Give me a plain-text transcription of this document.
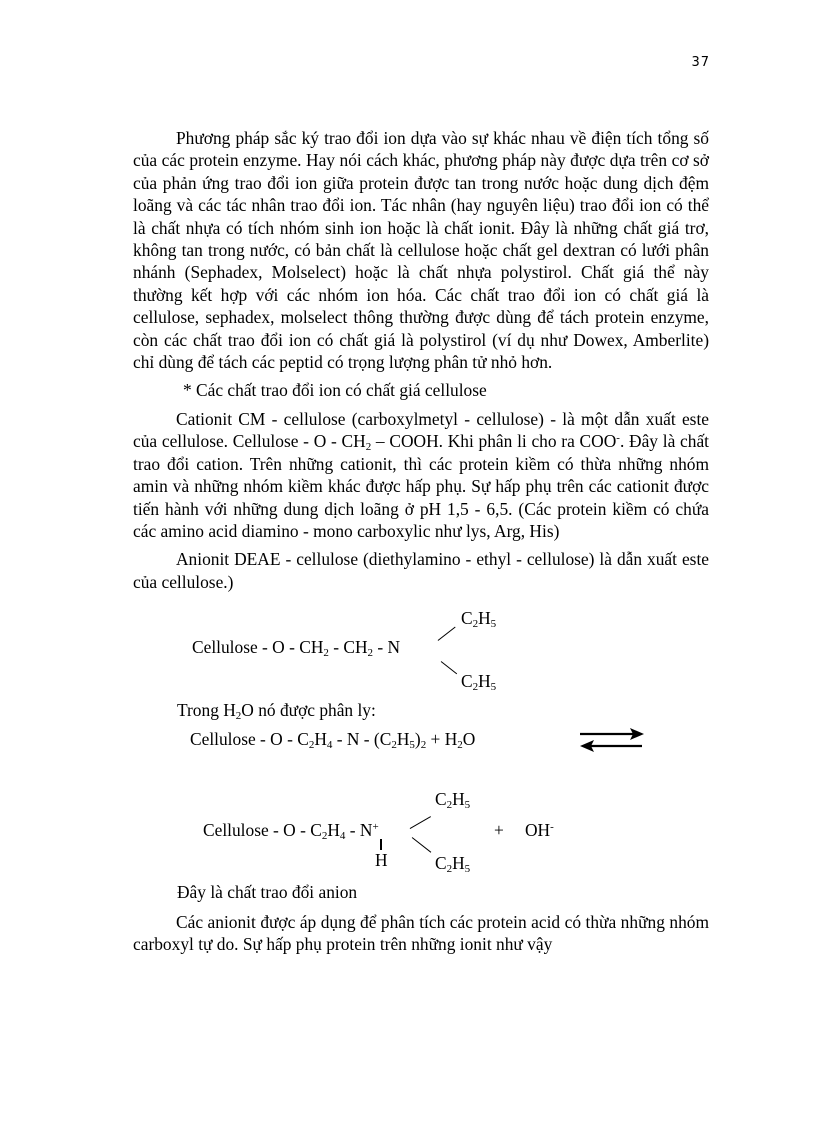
37

Phương pháp sắc ký trao đổi ion dựa vào sự khác nhau về điện tích tổng số của các protein enzyme. Hay nói cách khác, phương pháp này được dựa trên cơ sở của phản ứng trao đổi ion giữa protein được tan trong nước hoặc dung dịch đệm loãng và các tác nhân trao đổi ion. Tác nhân (hay nguyên liệu) trao đổi ion có thể là chất nhựa có tích nhóm sinh ion hoặc là chất ionit. Đây là những chất giá trơ, không tan trong nước, có bản chất là cellulose hoặc chất gel dextran có lưới phân nhánh (Sephadex, Molselect) hoặc là chất nhựa polystirol. Chất giá thể này thường kết hợp với các nhóm ion hóa. Các chất trao đổi ion có chất giá là cellulose, sephadex, molselect thông thường được dùng để tách protein enzyme, còn các chất trao đổi ion có chất giá là polystirol (ví dụ như Dowex, Amberlite) chỉ dùng để tách các peptid có trọng lượng phân tử nhỏ hơn.

* Các chất trao đổi ion có chất giá cellulose

Cationit CM - cellulose (carboxylmetyl - cellulose) - là một dẫn xuất este của cellulose. Cellulose - O - $CH_2$ – COOH. Khi phân li cho ra COO-. Đây là chất trao đổi cation. Trên những cationit, thì các protein kiềm có thừa những nhóm amin và những nhóm kiềm khác được hấp phụ. Sự hấp phụ trên các cationit được tiến hành với những dung dịch loãng ở pH 1,5 - 6,5. (Các protein kiềm có chứa các amino acid diamino - mono carboxylic như lys, Arg, His)

Anionit DEAE - cellulose (diethylamino - ethyl - cellulose) là dẫn xuất este của cellulose.)

$C_2H_5$
Cellulose - O - $CH_2 - CH_2$ - N
$C_2H_5$
Trong $H_2O$ nó được phân ly:
Cellulose - $O - C_2H_4 - N - (C_2H_5)_2 + H_2O$
$C_2H_5$
Cellulose - O - $C_2H_4 - N^+$
H	$C_2H_5$
+ OH-
Đây là chất trao đổi anion

Các anionit được áp dụng để phân tích các protein acid có thừa những nhóm carboxyl tự do. Sự hấp phụ protein trên những ionit như vậy
